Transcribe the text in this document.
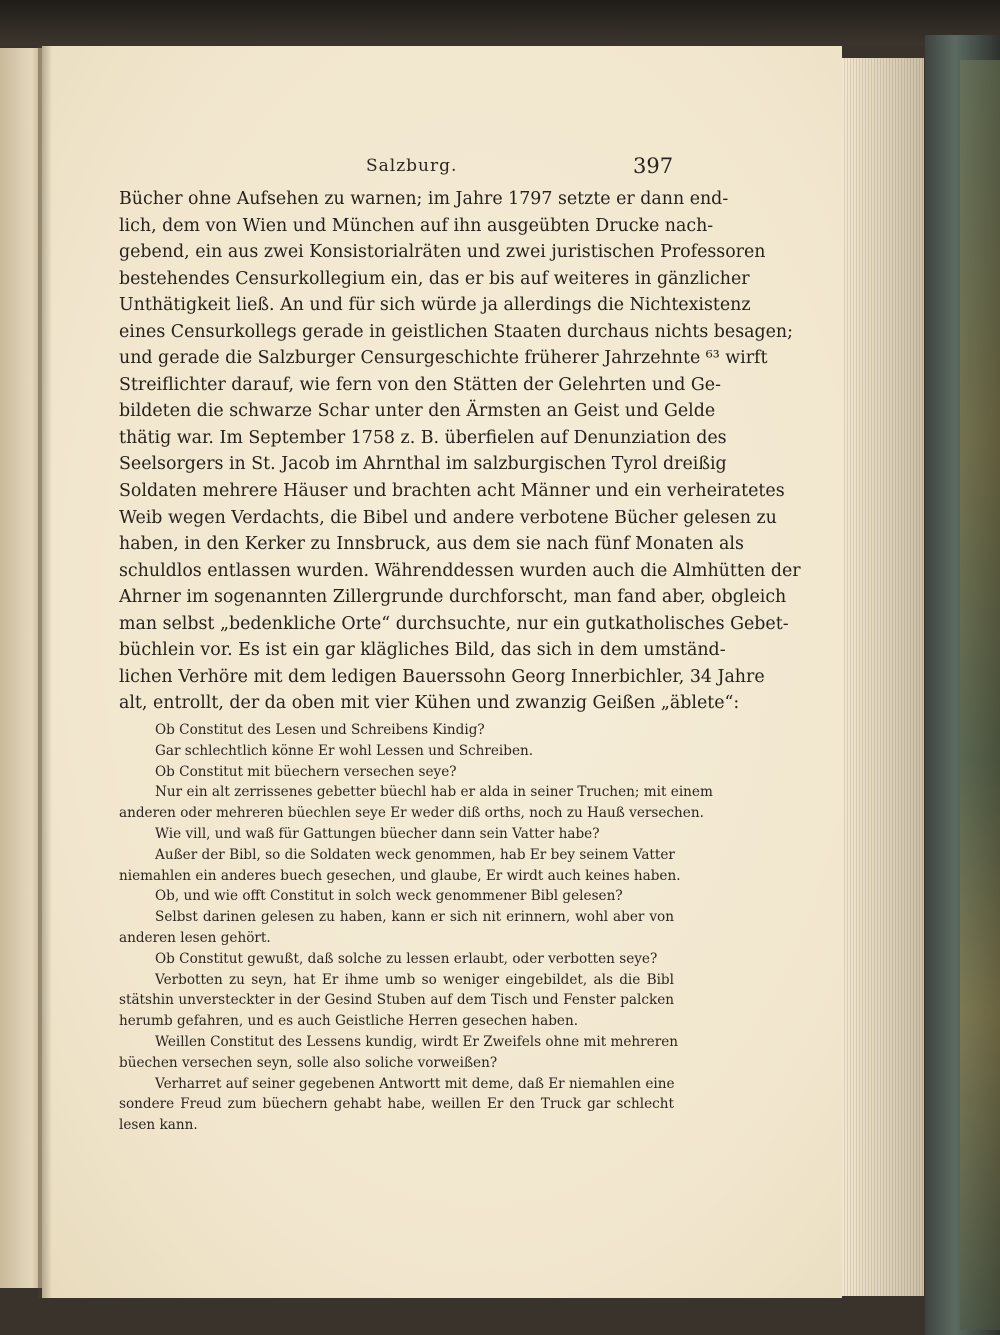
Salzburg.	397
Bücher ohne Aufsehen zu warnen; im Jahre 1797 setzte er dann end-
lich, dem von Wien und München auf ihn ausgeübten Drucke nach-
gebend, ein aus zwei Konsistorialräten und zwei juristischen Professoren
bestehendes Censurkollegium ein, das er bis auf weiteres in gänzlicher
Unthätigkeit ließ. An und für sich würde ja allerdings die Nichtexistenz
eines Censurkollegs gerade in geistlichen Staaten durchaus nichts besagen;
und gerade die Salzburger Censurgeschichte früherer Jahrzehnte ⁶³ wirft
Streiflichter darauf, wie fern von den Stätten der Gelehrten und Ge-
bildeten die schwarze Schar unter den Ärmsten an Geist und Gelde
thätig war. Im September 1758 z. B. überfielen auf Denunziation des
Seelsorgers in St. Jacob im Ahrnthal im salzburgischen Tyrol dreißig
Soldaten mehrere Häuser und brachten acht Männer und ein verheiratetes
Weib wegen Verdachts, die Bibel und andere verbotene Bücher gelesen zu
haben, in den Kerker zu Innsbruck, aus dem sie nach fünf Monaten als
schuldlos entlassen wurden. Währenddessen wurden auch die Almhütten der
Ahrner im sogenannten Zillergrunde durchforscht, man fand aber, obgleich
man selbst „bedenkliche Orte“ durchsuchte, nur ein gutkatholisches Gebet-
büchlein vor. Es ist ein gar klägliches Bild, das sich in dem umständ-
lichen Verhöre mit dem ledigen Bauerssohn Georg Innerbichler, 34 Jahre
alt, entrollt, der da oben mit vier Kühen und zwanzig Geißen „äblete“:
Ob Constitut des Lesen und Schreibens Kindig?
Gar schlechtlich könne Er wohl Lessen und Schreiben.
Ob Constitut mit büechern versechen seye?
Nur ein alt zerrissenes gebetter büechl hab er alda in seiner Truchen; mit einem
anderen oder mehreren büechlen seye Er weder diß orths, noch zu Hauß versechen.
Wie vill, und waß für Gattungen büecher dann sein Vatter habe?
Außer der Bibl, so die Soldaten weck genommen, hab Er bey seinem Vatter
niemahlen ein anderes buech gesechen, und glaube, Er wirdt auch keines haben.
Ob, und wie offt Constitut in solch weck genommener Bibl gelesen?
Selbst darinen gelesen zu haben, kann er sich nit erinnern, wohl aber von
anderen lesen gehört.
Ob Constitut gewußt, daß solche zu lessen erlaubt, oder verbotten seye?
Verbotten zu seyn, hat Er ihme umb so weniger eingebildet, als die Bibl
stätshin unversteckter in der Gesind Stuben auf dem Tisch und Fenster palcken
herumb gefahren, und es auch Geistliche Herren gesechen haben.
Weillen Constitut des Lessens kundig, wirdt Er Zweifels ohne mit mehreren
büechen versechen seyn, solle also soliche vorweißen?
Verharret auf seiner gegebenen Antwortt mit deme, daß Er niemahlen eine
sondere Freud zum büechern gehabt habe, weillen Er den Truck gar schlecht
lesen kann.
